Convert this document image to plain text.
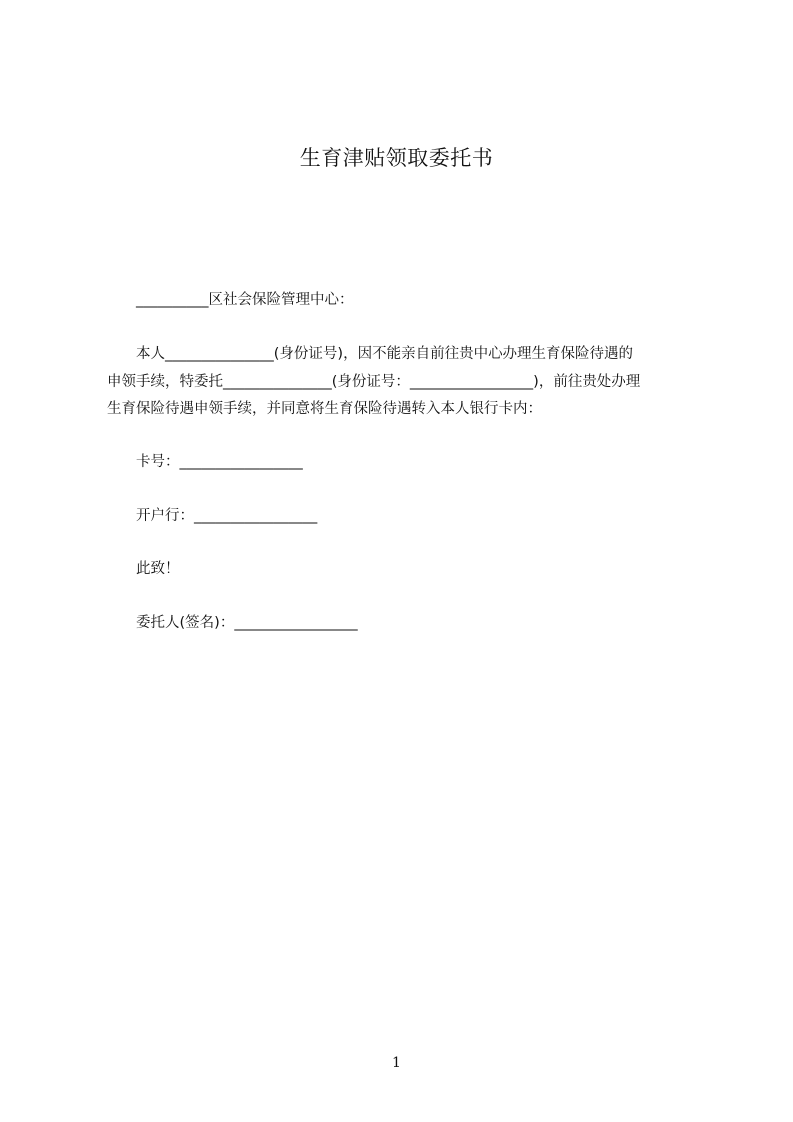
生育津贴领取委托书
__________区社会保险管理中心：
本人_______________(身份证号)，因不能亲自前往贵中心办理生育保险待遇的
申领手续，特委托_______________(身份证号：_________________)，前往贵处办理
生育保险待遇申领手续，并同意将生育保险待遇转入本人银行卡内：
卡号：_________________
开户行：_________________
此致！
委托人(签名)：_________________
1
